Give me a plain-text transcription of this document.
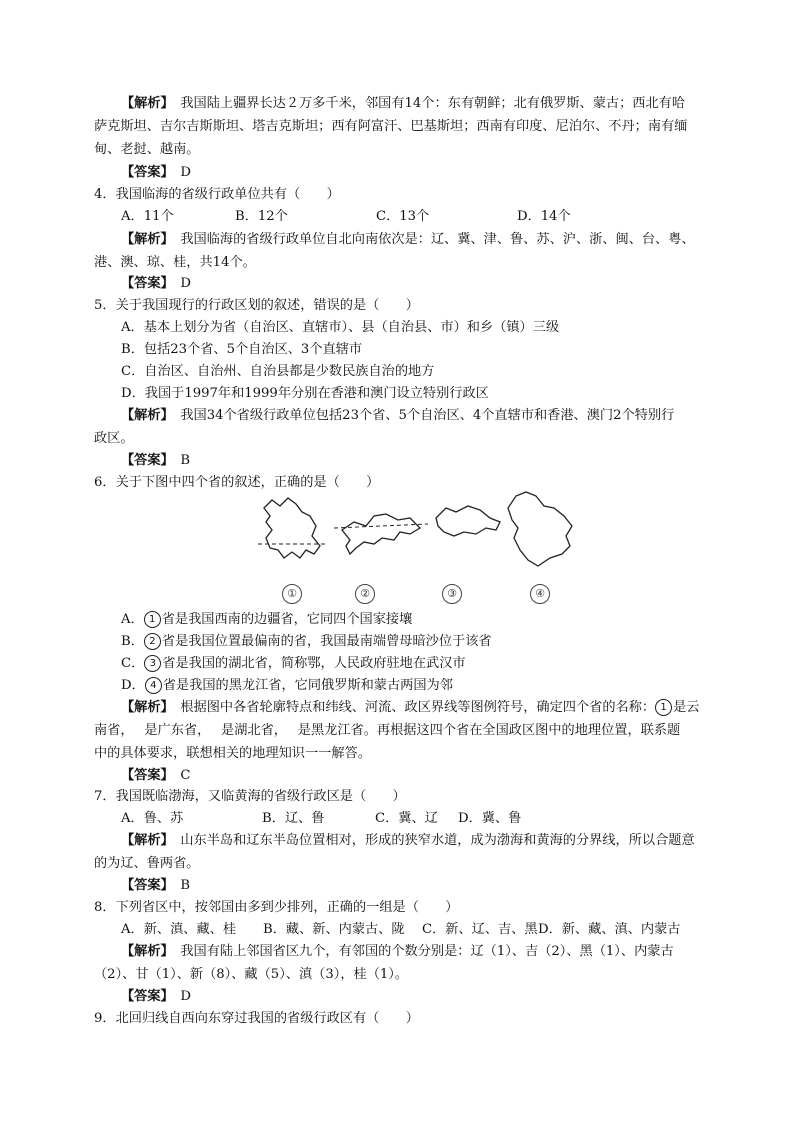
【解析】　 我国陆上疆界长达２万多千米，邻国有14个：东有朝鲜；北有俄罗斯、蒙古；西北有哈
萨克斯坦、吉尔吉斯斯坦、塔吉克斯坦；西有阿富汗、巴基斯坦；西南有印度、尼泊尔、不丹；南有缅
甸、老挝、越南。
【答案】　 D
4．我国临海的省级行政单位共有（　　）
A．11个	B．12个	C．13个	D．14个
【解析】　 我国临海的省级行政单位自北向南依次是：辽、冀、津、鲁、苏、沪、浙、闽、台、粤、
港、澳、琼、桂，共14个。
【答案】　 D
5．关于我国现行的行政区划的叙述，错误的是（　　）
A．基本上划分为省（自治区、直辖市）、县（自治县、市）和乡（镇）三级
B．包括23个省、5个自治区、3个直辖市
C．自治区、自治州、自治县都是少数民族自治的地方
D．我国于1997年和1999年分别在香港和澳门设立特别行政区
【解析】　 我国34个省级行政单位包括23个省、5个自治区、4个直辖市和香港、澳门2个特别行
政区。
【答案】　 B
6．关于下图中四个省的叙述，正确的是（　　）
①	②	③	④
A． 1 省是我国西南的边疆省，它同四个国家接壤
B． 2 省是我国位置最偏南的省，我国最南端曾母暗沙位于该省
C． 3 省是我国的湖北省，简称鄂，人民政府驻地在武汉市
D． 4 省是我国的黑龙江省，它同俄罗斯和蒙古两国为邻
【解析】　 根据图中各省轮廓特点和纬线、河流、政区界线等图例符号，确定四个省的名称： 1 是云
南省，　 是广东省，　 是湖北省，　 是黑龙江省。再根据这四个省在全国政区图中的地理位置，联系题
中的具体要求，联想相关的地理知识一一解答。
【答案】　 C
7．我国既临渤海，又临黄海的省级行政区是（　　）
A．鲁、苏	B．辽、鲁	C．冀、辽 D．冀、鲁
【解析】　 山东半岛和辽东半岛位置相对，形成的狭窄水道，成为渤海和黄海的分界线，所以合题意
的为辽、鲁两省。
【答案】　 B
8．下列省区中，按邻国由多到少排列，正确的一组是（　　）
A．新、滇、藏、桂 B．藏、新、内蒙古、陇 C．新、辽、吉、黑 D．新、藏、滇、内蒙古
【解析】　 我国有陆上邻国省区九个，有邻国的个数分别是：辽（1）、吉（2）、黑（1）、内蒙古
（2）、甘（1）、新（8）、藏（5）、滇（3），桂（1）。
【答案】　 D
9．北回归线自西向东穿过我国的省级行政区有（　　）
